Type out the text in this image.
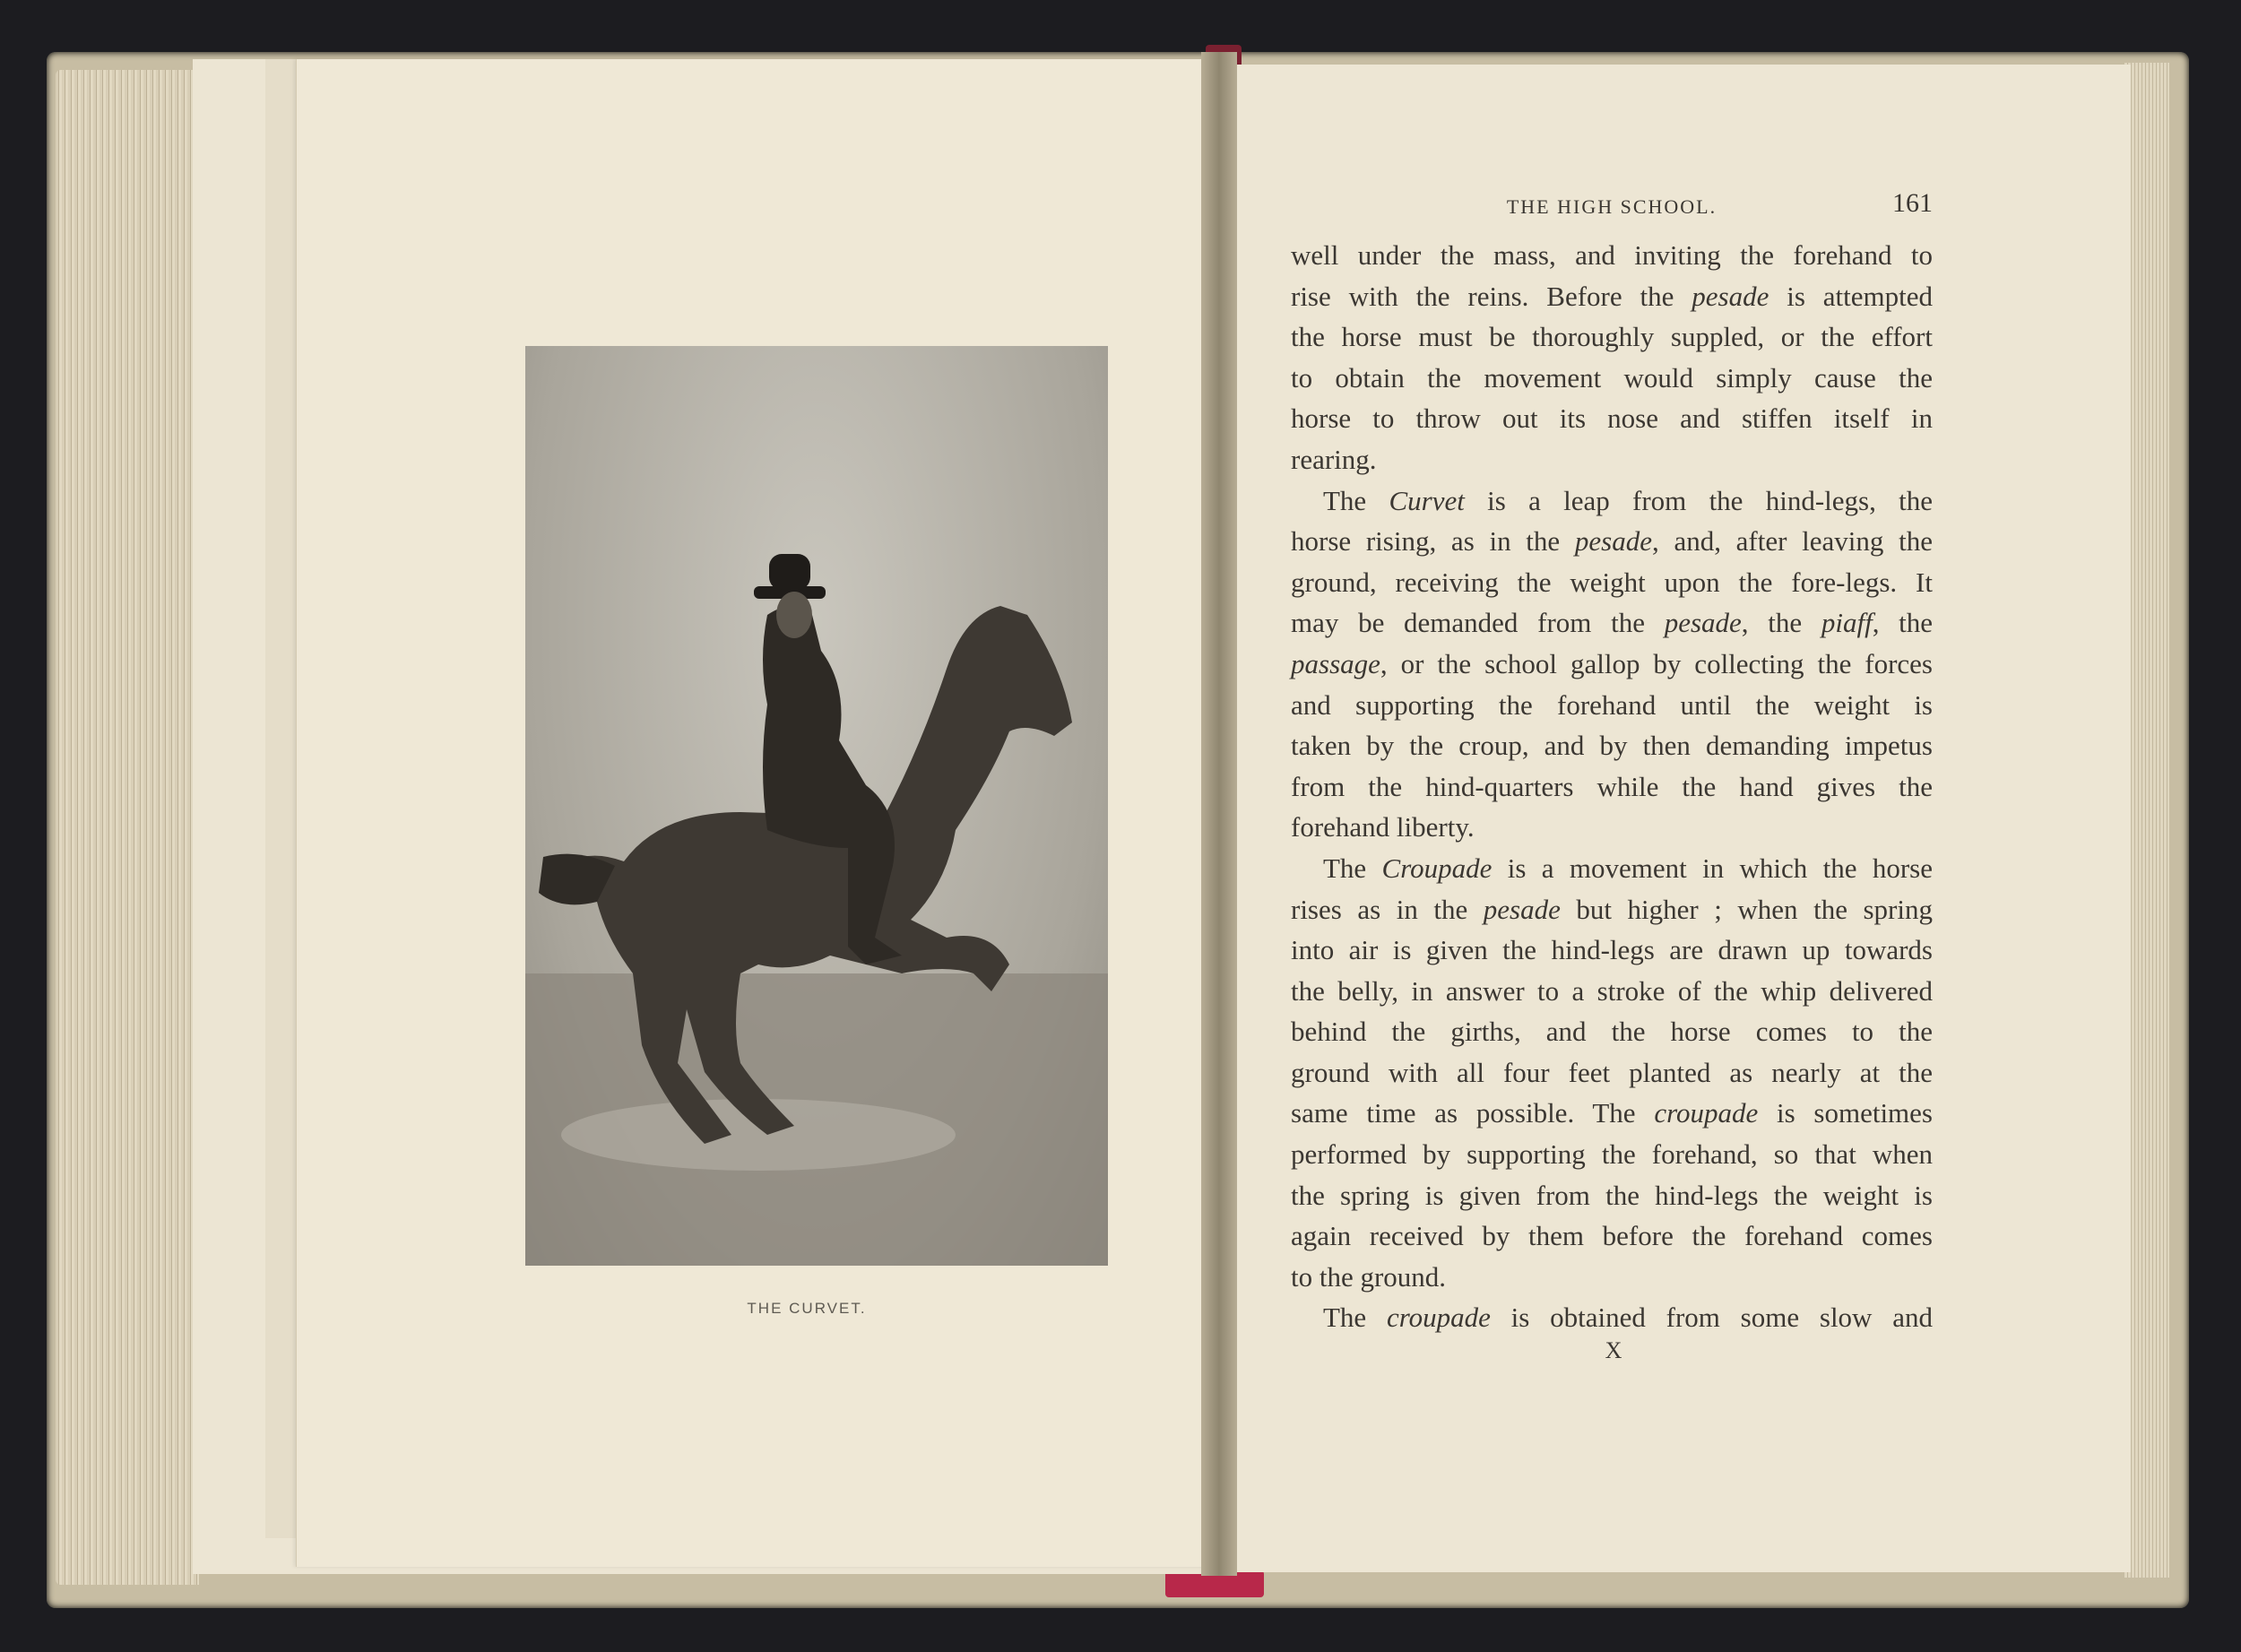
THE CURVET.
THE HIGH SCHOOL.	161
well under the mass, and inviting the forehand to
rise with the reins. Before the pesade is attempted
the horse must be thoroughly suppled, or the effort
to obtain the movement would simply cause the
horse to throw out its nose and stiffen itself in
rearing.
The Curvet is a leap from the hind-legs, the
horse rising, as in the pesade, and, after leaving the
ground, receiving the weight upon the fore-legs. It
may be demanded from the pesade, the piaff, the
passage, or the school gallop by collecting the forces
and supporting the forehand until the weight is
taken by the croup, and by then demanding impetus
from the hind-quarters while the hand gives the
forehand liberty.
The Croupade is a movement in which the horse
rises as in the pesade but higher ; when the spring
into air is given the hind-legs are drawn up towards
the belly, in answer to a stroke of the whip delivered
behind the girths, and the horse comes to the
ground with all four feet planted as nearly at the
same time as possible. The croupade is sometimes
performed by supporting the forehand, so that when
the spring is given from the hind-legs the weight is
again received by them before the forehand comes
to the ground.
The croupade is obtained from some slow and
X
